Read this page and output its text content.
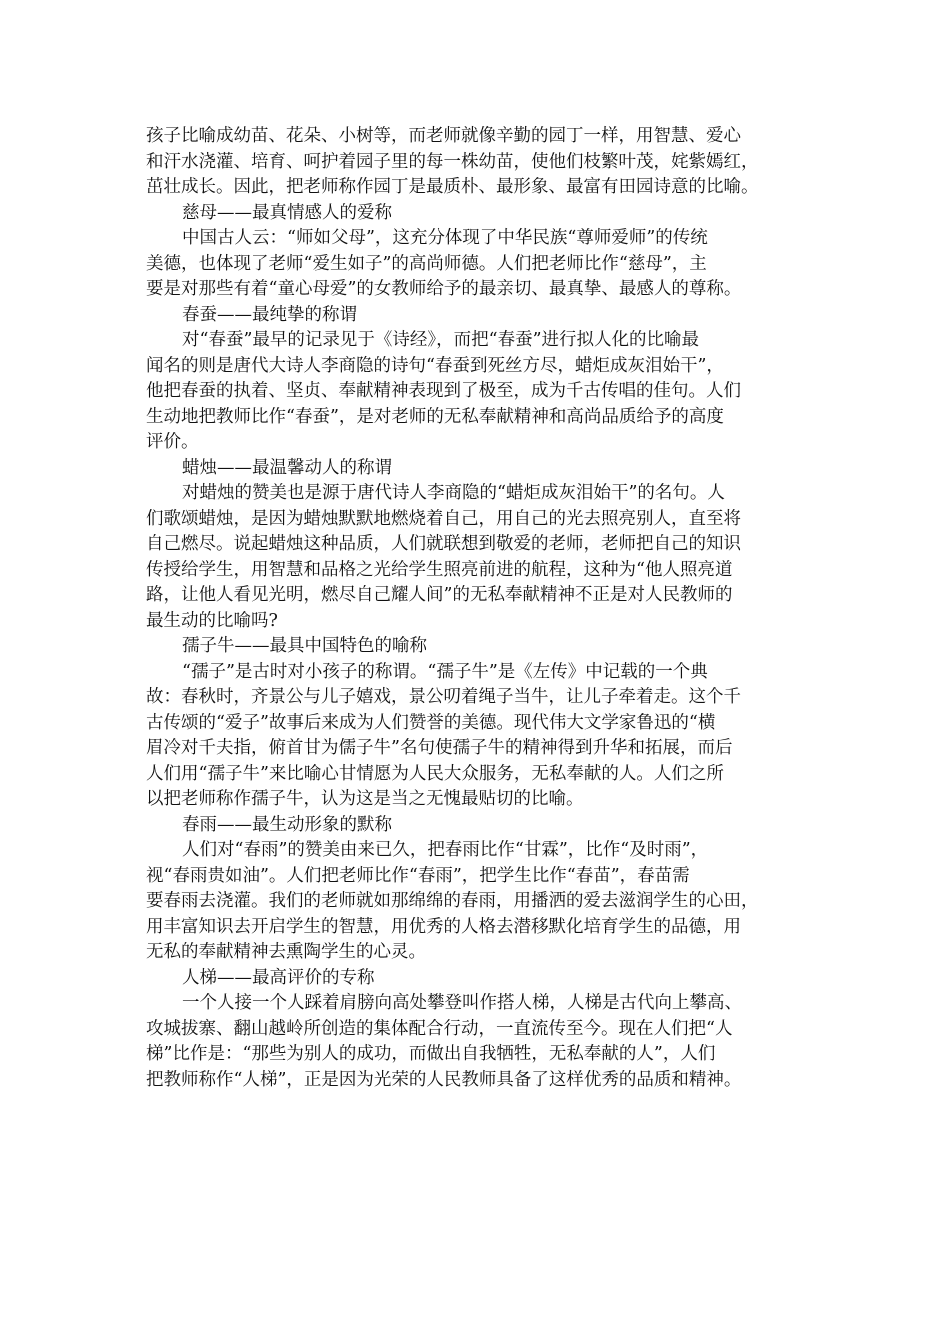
孩子比喻成幼苗、花朵、小树等，而老师就像辛勤的园丁一样，用智慧、爱心
和汗水浇灌、培育、呵护着园子里的每一株幼苗，使他们枝繁叶茂，姹紫嫣红，
茁壮成长。因此，把老师称作园丁是最质朴、最形象、最富有田园诗意的比喻。
慈母——最真情感人的爱称
中国古人云：“师如父母”，这充分体现了中华民族“尊师爱师”的传统
美德，也体现了老师“爱生如子”的高尚师德。人们把老师比作“慈母”，主
要是对那些有着“童心母爱”的女教师给予的最亲切、最真挚、最感人的尊称。
春蚕——最纯挚的称谓
对“春蚕”最早的记录见于《诗经》，而把“春蚕”进行拟人化的比喻最
闻名的则是唐代大诗人李商隐的诗句“春蚕到死丝方尽，蜡炬成灰泪始干”，
他把春蚕的执着、坚贞、奉献精神表现到了极至，成为千古传唱的佳句。人们
生动地把教师比作“春蚕”，是对老师的无私奉献精神和高尚品质给予的高度
评价。
蜡烛——最温馨动人的称谓
对蜡烛的赞美也是源于唐代诗人李商隐的“蜡炬成灰泪始干”的名句。人
们歌颂蜡烛，是因为蜡烛默默地燃烧着自己，用自己的光去照亮别人，直至将
自己燃尽。说起蜡烛这种品质，人们就联想到敬爱的老师，老师把自己的知识
传授给学生，用智慧和品格之光给学生照亮前进的航程，这种为“他人照亮道
路，让他人看见光明，燃尽自己耀人间”的无私奉献精神不正是对人民教师的
最生动的比喻吗?
孺子牛——最具中国特色的喻称
“孺子”是古时对小孩子的称谓。“孺子牛”是《左传》中记载的一个典
故：春秋时，齐景公与儿子嬉戏，景公叨着绳子当牛，让儿子牵着走。这个千
古传颂的“爱子”故事后来成为人们赞誉的美德。现代伟大文学家鲁迅的“横
眉冷对千夫指，俯首甘为儒子牛”名句使孺子牛的精神得到升华和拓展，而后
人们用“孺子牛”来比喻心甘情愿为人民大众服务，无私奉献的人。人们之所
以把老师称作孺子牛，认为这是当之无愧最贴切的比喻。
春雨——最生动形象的默称
人们对“春雨”的赞美由来已久，把春雨比作“甘霖”，比作“及时雨”，
视“春雨贵如油”。人们把老师比作“春雨”，把学生比作“春苗”，春苗需
要春雨去浇灌。我们的老师就如那绵绵的春雨，用播洒的爱去滋润学生的心田，
用丰富知识去开启学生的智慧，用优秀的人格去潜移默化培育学生的品德，用
无私的奉献精神去熏陶学生的心灵。
人梯——最高评价的专称
一个人接一个人踩着肩膀向高处攀登叫作搭人梯，人梯是古代向上攀高、
攻城拔寨、翻山越岭所创造的集体配合行动，一直流传至今。现在人们把“人
梯”比作是：“那些为别人的成功，而做出自我牺牲，无私奉献的人”，人们
把教师称作“人梯”，正是因为光荣的人民教师具备了这样优秀的品质和精神。
